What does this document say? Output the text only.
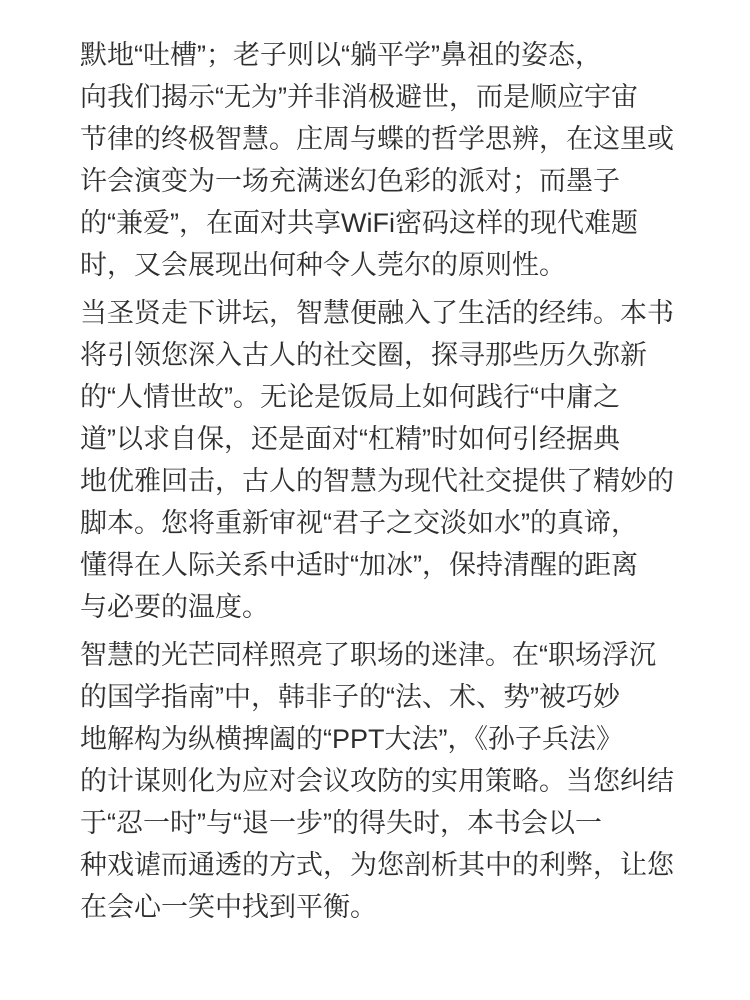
默地“吐槽”；老子则以“躺平学”鼻祖的姿态，
向我们揭示“无为”并非消极避世，而是顺应宇宙
节律的终极智慧。庄周与蝶的哲学思辨，在这里或
许会演变为一场充满迷幻色彩的派对；而墨子
的“兼爱”，在面对共享WiFi密码这样的现代难题
时，又会展现出何种令人莞尔的原则性。

当圣贤走下讲坛，智慧便融入了生活的经纬。本书
将引领您深入古人的社交圈，探寻那些历久弥新
的“人情世故”。无论是饭局上如何践行“中庸之
道”以求自保，还是面对“杠精”时如何引经据典
地优雅回击，古人的智慧为现代社交提供了精妙的
脚本。您将重新审视“君子之交淡如水”的真谛，
懂得在人际关系中适时“加冰”，保持清醒的距离
与必要的温度。

智慧的光芒同样照亮了职场的迷津。在“职场浮沉
的国学指南”中，韩非子的“法、术、势”被巧妙
地解构为纵横捭阖的“PPT大法”，《孙子兵法》
的计谋则化为应对会议攻防的实用策略。当您纠结
于“忍一时”与“退一步”的得失时，本书会以一
种戏谑而通透的方式，为您剖析其中的利弊，让您
在会心一笑中找到平衡。
